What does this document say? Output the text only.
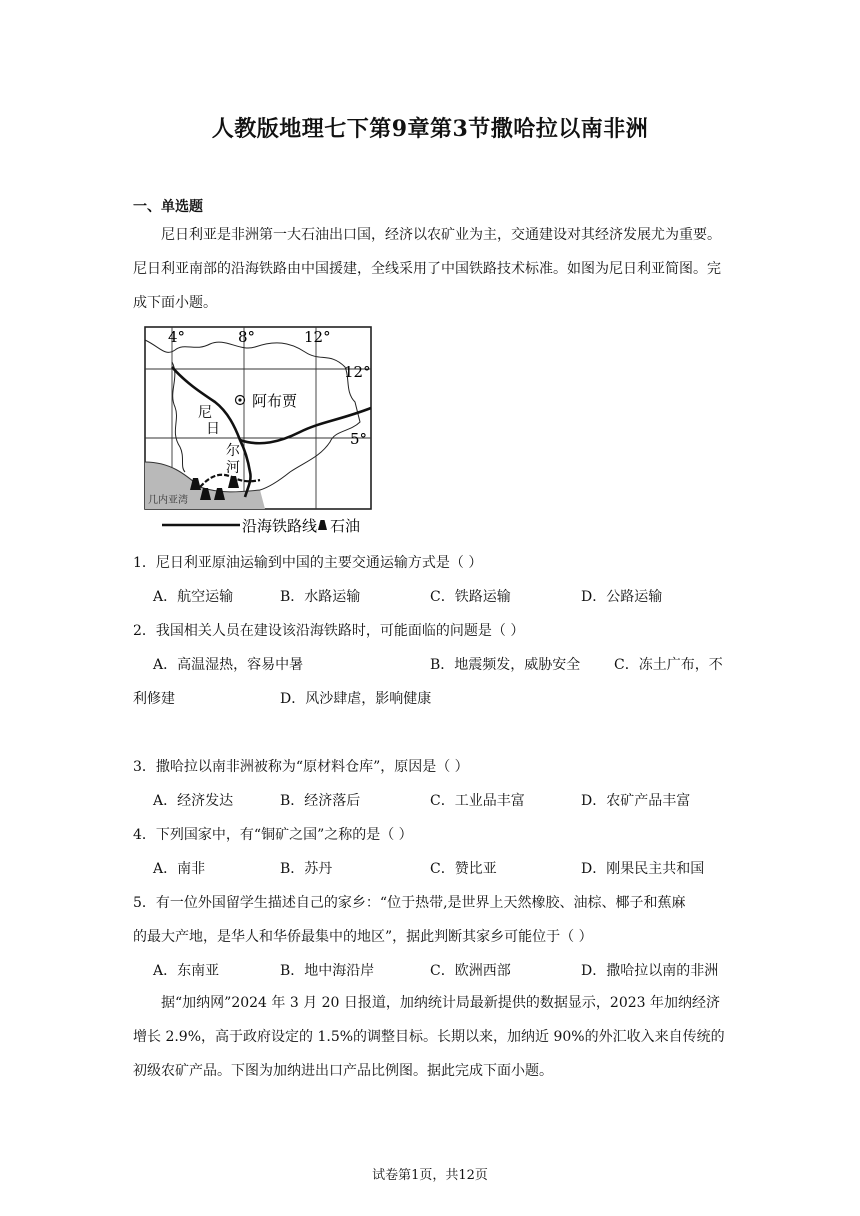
人教版地理七下第9章第3节撒哈拉以南非洲
一、单选题
尼日利亚是非洲第一大石油出口国，经济以农矿业为主，交通建设对其经济发展尤为重要。尼日利亚南部的沿海铁路由中国援建，全线采用了中国铁路技术标准。如图为尼日利亚简图。完成下面小题。
阿布贾
4°	8°	12°
12°
5°
尼
日
尔
河
几内亚湾
沿海铁路线 石油
1．尼日利亚原油运输到中国的主要交通运输方式是（ ）
A．航空运输	B．水路运输	C．铁路运输	D．公路运输
2．我国相关人员在建设该沿海铁路时，可能面临的问题是（ ）
A．高温湿热，容易中暑	B．地震频发，威胁安全 C．冻土广布，不
利修建	D．风沙肆虐，影响健康
3．撒哈拉以南非洲被称为“原材料仓库”，原因是（ ）
A．经济发达	B．经济落后	C．工业品丰富	D．农矿产品丰富
4．下列国家中，有“铜矿之国”之称的是（ ）
A．南非	B．苏丹	C．赞比亚	D．刚果民主共和国
5．有一位外国留学生描述自己的家乡：“位于热带,是世界上天然橡胶、油棕、椰子和蕉麻
的最大产地，是华人和华侨最集中的地区”，据此判断其家乡可能位于（ ）
A．东南亚	B．地中海沿岸	C．欧洲西部	D．撒哈拉以南的非洲
据“加纳网”2024 年 3 月 20 日报道，加纳统计局最新提供的数据显示，2023 年加纳经济增长 2.9%，高于政府设定的 1.5%的调整目标。长期以来，加纳近 90%的外汇收入来自传统的初级农矿产品。下图为加纳进出口产品比例图。据此完成下面小题。
试卷第1页，共12页
